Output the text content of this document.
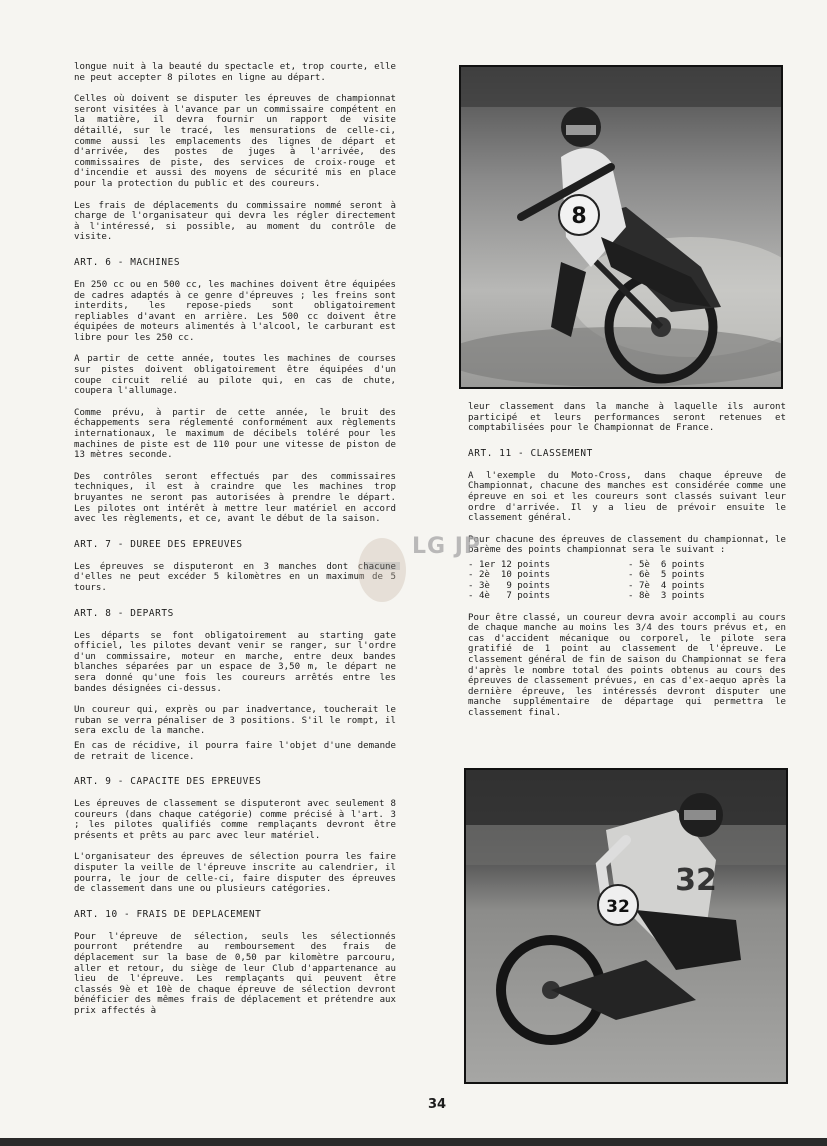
longue nuit à la beauté du spectacle et, trop courte, elle ne peut accepter 8 pilotes en ligne au départ.

Celles où doivent se disputer les épreuves de championnat seront visitées à l'avance par un commissaire compétent en la matière, il devra fournir un rapport de visite détaillé, sur le tracé, les mensurations de celle-ci, comme aussi les emplacements des lignes de départ et d'arrivée, des postes de juges à l'arrivée, des commissaires de piste, des services de croix-rouge et d'incendie et aussi des moyens de sécurité mis en place pour la protection du public et des coureurs.

Les frais de déplacements du commissaire nommé seront à charge de l'organisateur qui devra les régler directement à l'intéressé, si possible, au moment du contrôle de visite.

ART. 6 - MACHINES

En 250 cc ou en 500 cc, les machines doivent être équipées de cadres adaptés à ce genre d'épreuves ; les freins sont interdits, les repose-pieds sont obligatoirement repliables d'avant en arrière. Les 500 cc doivent être équipées de moteurs alimentés à l'alcool, le carburant est libre pour les 250 cc.

A partir de cette année, toutes les machines de courses sur pistes doivent obligatoirement être équipées d'un coupe circuit relié au pilote qui, en cas de chute, coupera l'allumage.

Comme prévu, à partir de cette année, le bruit des échappements sera réglementé conformément aux règlements internationaux, le maximum de décibels toléré pour les machines de piste est de 110 pour une vitesse de piston de 13 mètres seconde.

Des contrôles seront effectués par des commissaires techniques, il est à craindre que les machines trop bruyantes ne seront pas autorisées à prendre le départ. Les pilotes ont intérêt à mettre leur matériel en accord avec les règlements, et ce, avant le début de la saison.

ART. 7 - DUREE DES EPREUVES

Les épreuves se disputeront en 3 manches dont chacune d'elles ne peut excéder 5 kilomètres en un maximum de 5 tours.

ART. 8 - DEPARTS

Les départs se font obligatoirement au starting gate officiel, les pilotes devant venir se ranger, sur l'ordre d'un commissaire, moteur en marche, entre deux bandes blanches séparées par un espace de 3,50 m, le départ ne sera donné qu'une fois les coureurs arrêtés entre les bandes désignées ci-dessus.

Un coureur qui, exprès ou par inadvertance, toucherait le ruban se verra pénaliser de 3 positions. S'il le rompt, il sera exclu de la manche.

En cas de récidive, il pourra faire l'objet d'une demande de retrait de licence.

ART. 9 - CAPACITE DES EPREUVES

Les épreuves de classement se disputeront avec seulement 8 coureurs (dans chaque catégorie) comme précisé à l'art. 3 ; les pilotes qualifiés comme remplaçants devront être présents et prêts au parc avec leur matériel.

L'organisateur des épreuves de sélection pourra les faire disputer la veille de l'épreuve inscrite au calendrier, il pourra, le jour de celle-ci, faire disputer des épreuves de classement dans une ou plusieurs catégories.

ART. 10 - FRAIS DE DEPLACEMENT

Pour l'épreuve de sélection, seuls les sélectionnés pourront prétendre au remboursement des frais de déplacement sur la base de 0,50 par kilomètre parcouru, aller et retour, du siège de leur Club d'appartenance au lieu de l'épreuve. Les remplaçants qui peuvent être classés 9è et 10è de chaque épreuve de sélection devront bénéficier des mêmes frais de déplacement et prétendre aux prix affectés à

8

leur classement dans la manche à laquelle ils auront participé et leurs performances seront retenues et comptabilisées pour le Championnat de France.

ART. 11 - CLASSEMENT

A l'exemple du Moto-Cross, dans chaque épreuve de Championnat, chacune des manches est considérée comme une épreuve en soi et les coureurs sont classés suivant leur ordre d'arrivée. Il y a lieu de prévoir ensuite le classement général.

Pour chacune des épreuves de classement du championnat, le barème des points championnat sera le suivant :

- 1er 12 points	- 5è  6 points
- 2è  10 points	- 6è  5 points
- 3è   9 points	- 7è  4 points
- 4è   7 points	- 8è  3 points

Pour être classé, un coureur devra avoir accompli au cours de chaque manche au moins les 3/4 des tours prévus et, en cas d'accident mécanique ou corporel, le pilote sera gratifié de 1 point au classement de l'épreuve. Le classement général de fin de saison du Championnat se fera d'après le nombre total des points obtenus au cours des épreuves de classement prévues, en cas d'ex-aequo après la dernière épreuve, les intéressés devront disputer une manche supplémentaire de départage qui permettra le classement final.

32
32
LG JP
34
